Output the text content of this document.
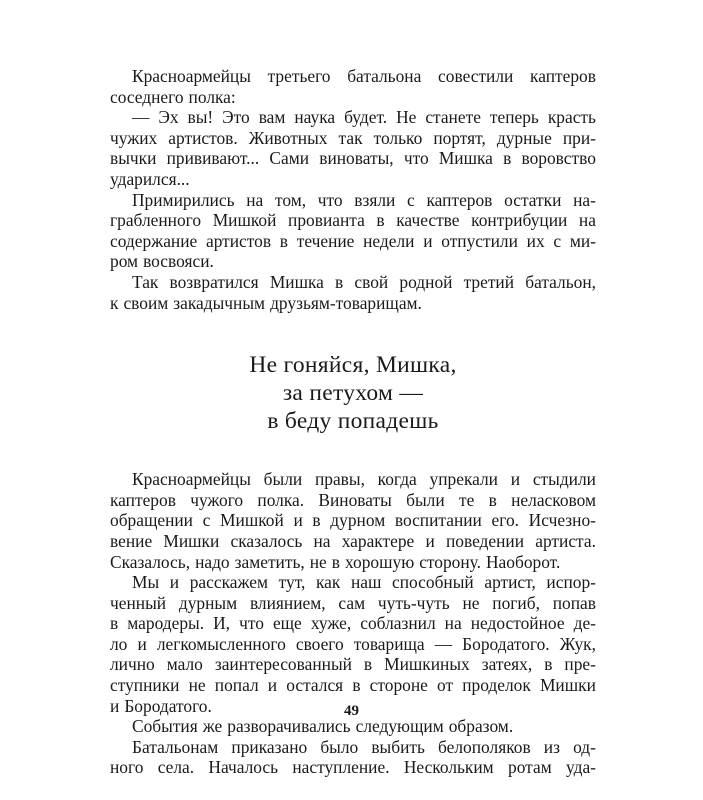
Красноармейцы третьего батальона совестили каптеров
соседнего полка:
— Эх вы! Это вам наука будет. Не станете теперь красть
чужих артистов. Животных так только портят, дурные при-
вычки прививают... Сами виноваты, что Мишка в воровство
ударился...
Примирились на том, что взяли с каптеров остатки на-
грабленного Мишкой провианта в качестве контрибуции на
содержание артистов в течение недели и отпустили их с ми-
ром восвояси.
Так возвратился Мишка в свой родной третий батальон,
к своим закадычным друзьям-товарищам.
Не гоняйся, Мишка,
за петухом —
в беду попадешь
Красноармейцы были правы, когда упрекали и стыдили
каптеров чужого полка. Виноваты были те в неласковом
обращении с Мишкой и в дурном воспитании его. Исчезно-
вение Мишки сказалось на характере и поведении артиста.
Сказалось, надо заметить, не в хорошую сторону. Наоборот.
Мы и расскажем тут, как наш способный артист, испор-
ченный дурным влиянием, сам чуть-чуть не погиб, попав
в мародеры. И, что еще хуже, соблазнил на недостойное де-
ло и легкомысленного своего товарища — Бородатого. Жук,
лично мало заинтересованный в Мишкиных затеях, в пре-
ступники не попал и остался в стороне от проделок Мишки
и Бородатого.
События же разворачивались следующим образом.
Батальонам приказано было выбить белополяков из од-
ного села. Началось наступление. Нескольким ротам уда-
49
